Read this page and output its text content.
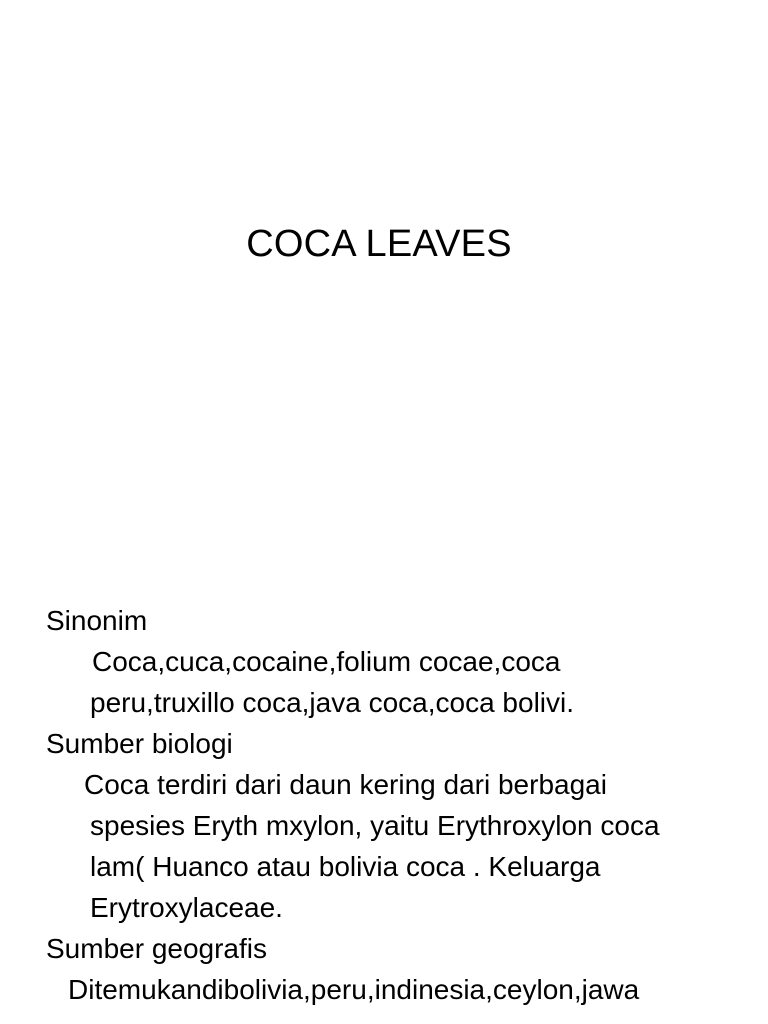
COCA LEAVES
Sinonim
Coca,cuca,cocaine,folium cocae,coca
peru,truxillo coca,java coca,coca bolivi.
Sumber biologi
Coca terdiri dari daun kering dari berbagai
spesies Eryth mxylon, yaitu Erythroxylon coca
lam( Huanco atau bolivia coca . Keluarga
Erytroxylaceae.
Sumber geografis
Ditemukandibolivia,peru,indinesia,ceylon,jawa
